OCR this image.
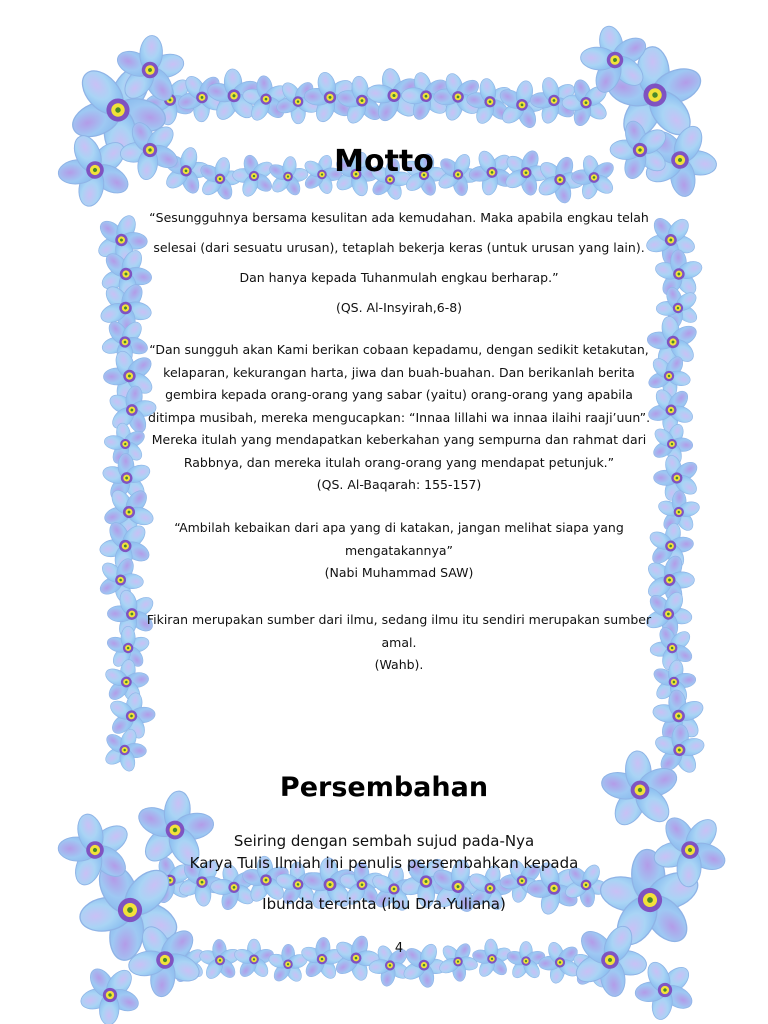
Motto
“Sesungguhnya bersama kesulitan ada kemudahan. Maka apabila engkau telah
selesai (dari sesuatu urusan), tetaplah bekerja keras (untuk urusan yang lain).
Dan hanya kepada Tuhanmulah engkau berharap.”
(QS. Al-Insyirah,6-8)
“Dan sungguh akan Kami berikan cobaan kepadamu, dengan sedikit ketakutan,
kelaparan, kekurangan harta, jiwa dan buah-buahan. Dan berikanlah berita
gembira kepada orang-orang yang sabar (yaitu) orang-orang yang apabila
ditimpa musibah, mereka mengucapkan: “Innaa lillahi wa innaa ilaihi raaji’uun”.
Mereka itulah yang mendapatkan keberkahan yang sempurna dan rahmat dari
Rabbnya, dan mereka itulah orang-orang yang mendapat petunjuk.”
(QS. Al-Baqarah: 155-157)
“Ambilah kebaikan dari apa yang di katakan, jangan melihat siapa yang
mengatakannya”
(Nabi Muhammad SAW)
Fikiran merupakan sumber dari ilmu, sedang ilmu itu sendiri merupakan sumber
amal.
(Wahb).
Persembahan
Seiring dengan sembah sujud pada-Nya
Karya Tulis Ilmiah ini penulis persembahkan kepada
Ibunda tercinta (ibu Dra.Yuliana)
4
